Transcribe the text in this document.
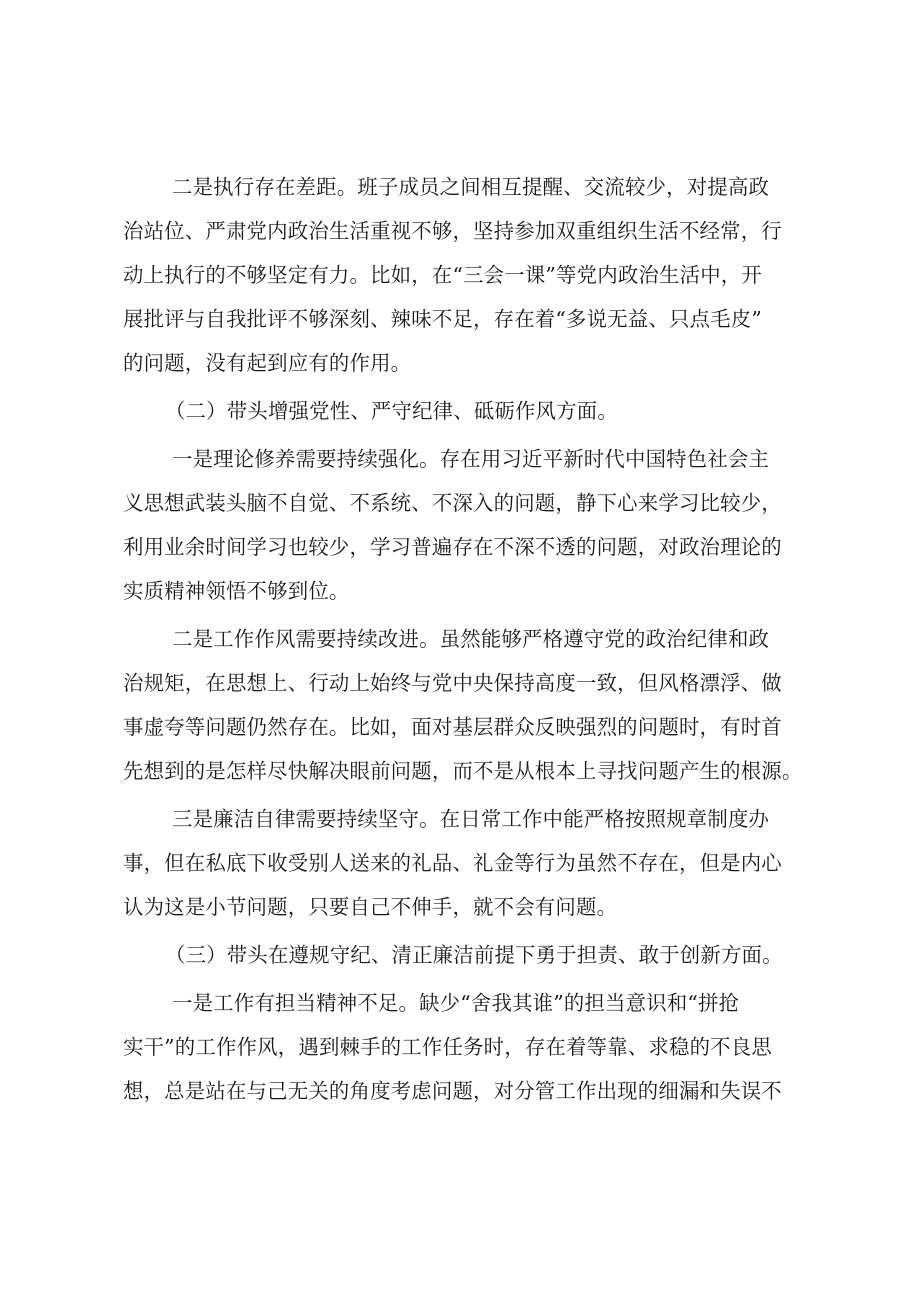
二是执行存在差距。班子成员之间相互提醒、交流较少，对提高政
治站位、严肃党内政治生活重视不够，坚持参加双重组织生活不经常，行
动上执行的不够坚定有力。比如，在“三会一课”等党内政治生活中，开
展批评与自我批评不够深刻、辣味不足，存在着“多说无益、只点毛皮”
的问题，没有起到应有的作用。
（二）带头增强党性、严守纪律、砥砺作风方面。
一是理论修养需要持续强化。存在用习近平新时代中国特色社会主
义思想武装头脑不自觉、不系统、不深入的问题，静下心来学习比较少，
利用业余时间学习也较少，学习普遍存在不深不透的问题，对政治理论的
实质精神领悟不够到位。
二是工作作风需要持续改进。虽然能够严格遵守党的政治纪律和政
治规矩，在思想上、行动上始终与党中央保持高度一致，但风格漂浮、做
事虚夸等问题仍然存在。比如，面对基层群众反映强烈的问题时，有时首
先想到的是怎样尽快解决眼前问题，而不是从根本上寻找问题产生的根源。
三是廉洁自律需要持续坚守。在日常工作中能严格按照规章制度办
事，但在私底下收受别人送来的礼品、礼金等行为虽然不存在，但是内心
认为这是小节问题，只要自己不伸手，就不会有问题。
（三）带头在遵规守纪、清正廉洁前提下勇于担责、敢于创新方面。
一是工作有担当精神不足。缺少“舍我其谁”的担当意识和“拼抢
实干”的工作作风，遇到棘手的工作任务时，存在着等靠、求稳的不良思
想，总是站在与己无关的角度考虑问题，对分管工作出现的细漏和失误不
